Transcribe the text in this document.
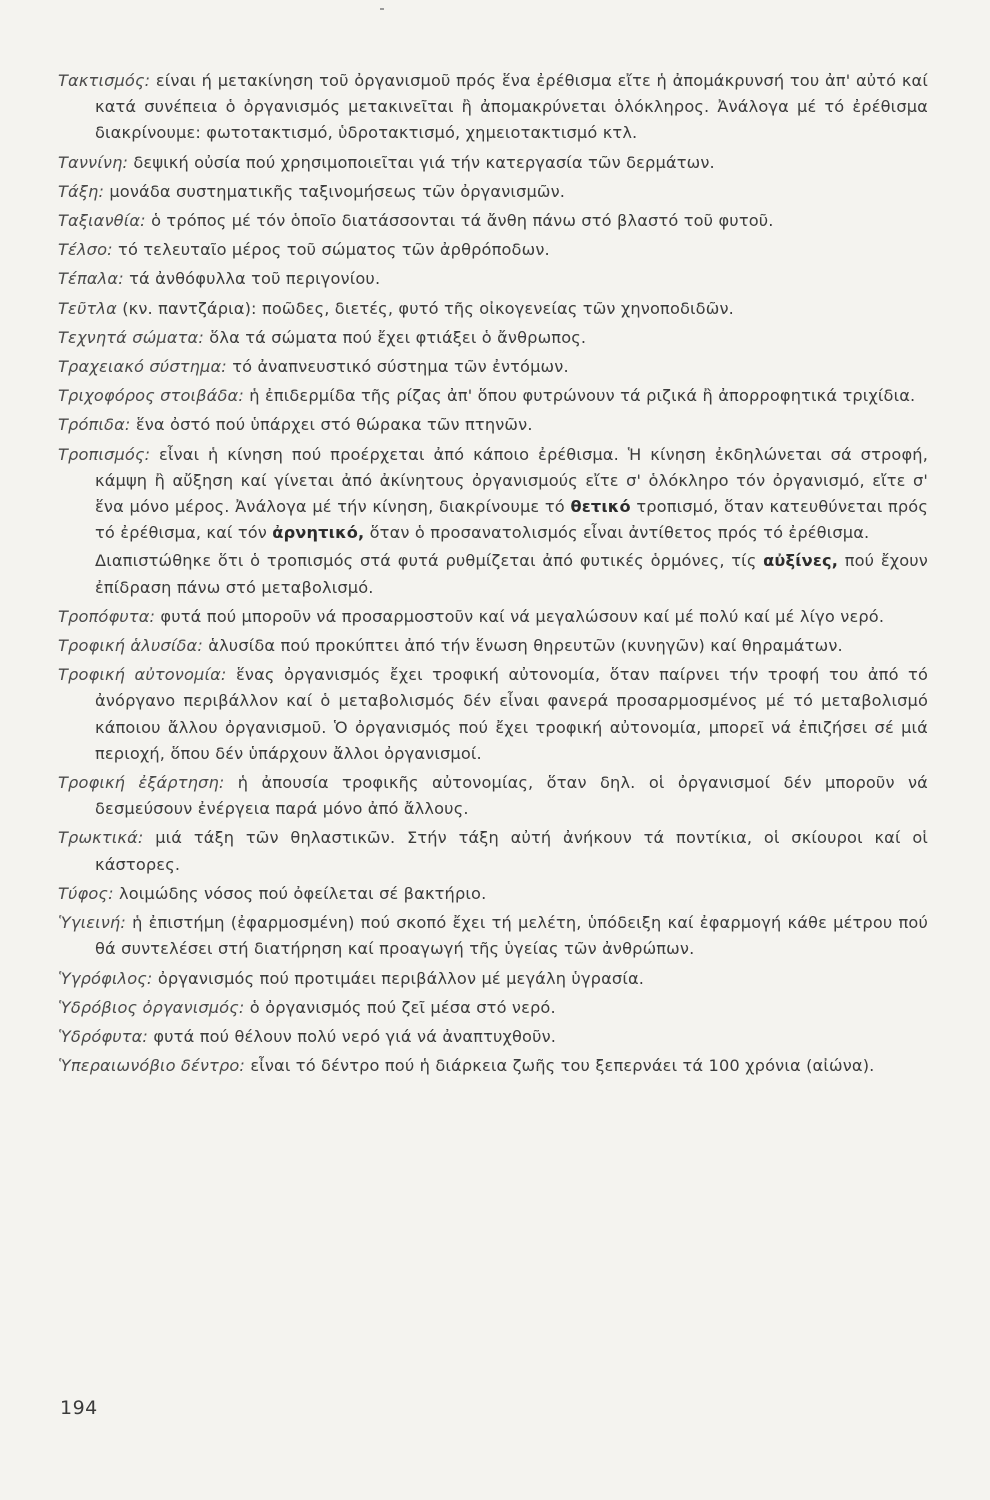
Τακτισμός: είναι ή μετακίνηση τοῦ ὀργανισμοῦ πρός ἕνα ἐρέθισμα εἴτε ἡ ἀπομάκρυνσή του ἀπ' αὐτό καί κατά συνέπεια ὁ ὀργανισμός μετακινεῖται ἢ ἀπομακρύνεται ὁλόκληρος. Ἀνάλογα μέ τό ἐρέθισμα διακρίνουμε: φωτοτακτισμό, ὑδροτακτισμό, χημειοτακτισμό κτλ.

Ταννίνη: δεψική οὐσία πού χρησιμοποιεῖται γιά τήν κατεργασία τῶν δερμάτων.

Τάξη: μονάδα συστηματικῆς ταξινομήσεως τῶν ὀργανισμῶν.

Ταξιανθία: ὁ τρόπος μέ τόν ὁποῖο διατάσσονται τά ἄνθη πάνω στό βλαστό τοῦ φυτοῦ.

Τέλσο: τό τελευταῖο μέρος τοῦ σώματος τῶν ἀρθρόποδων.

Τέπαλα: τά ἀνθόφυλλα τοῦ περιγονίου.

Τεῦτλα (κν. παντζάρια): ποῶδες, διετές, φυτό τῆς οἰκογενείας τῶν χηνοποδιδῶν.

Τεχνητά σώματα: ὅλα τά σώματα πού ἔχει φτιάξει ὁ ἄνθρωπος.

Τραχειακό σύστημα: τό ἀναπνευστικό σύστημα τῶν ἐντόμων.

Τριχοφόρος στοιβάδα: ἡ ἐπιδερμίδα τῆς ρίζας ἀπ' ὅπου φυτρώνουν τά ριζικά ἢ ἀπορροφητικά τριχίδια.

Τρόπιδα: ἕνα ὀστό πού ὑπάρχει στό θώρακα τῶν πτηνῶν.

Τροπισμός: εἶναι ἡ κίνηση πού προέρχεται ἀπό κάποιο ἐρέθισμα. Ἡ κίνηση ἐκδηλώνεται σά στροφή, κάμψη ἢ αὔξηση καί γίνεται ἀπό ἀκίνητους ὀργανισμούς εἴτε σ' ὁλόκληρο τόν ὀργανισμό, εἴτε σ' ἕνα μόνο μέρος. Ἀνάλογα μέ τήν κίνηση, διακρίνουμε τό θετικό τροπισμό, ὅταν κατευθύνεται πρός τό ἐρέθισμα, καί τόν ἀρνητικό, ὅταν ὁ προσανατολισμός εἶναι ἀντίθετος πρός τό ἐρέθισμα.
Διαπιστώθηκε ὅτι ὁ τροπισμός στά φυτά ρυθμίζεται ἀπό φυτικές ὁρμόνες, τίς αὐξίνες, πού ἔχουν ἐπίδραση πάνω στό μεταβολισμό.

Τροπόφυτα: φυτά πού μποροῦν νά προσαρμοστοῦν καί νά μεγαλώσουν καί μέ πολύ καί μέ λίγο νερό.

Τροφική ἁλυσίδα: ἁλυσίδα πού προκύπτει ἀπό τήν ἕνωση θηρευτῶν (κυνηγῶν) καί θηραμάτων.

Τροφική αὐτονομία: ἕνας ὀργανισμός ἔχει τροφική αὐτονομία, ὅταν παίρνει τήν τροφή του ἀπό τό ἀνόργανο περιβάλλον καί ὁ μεταβολισμός δέν εἶναι φανερά προσαρμοσμένος μέ τό μεταβολισμό κάποιου ἄλλου ὀργανισμοῦ. Ὁ ὀργανισμός πού ἔχει τροφική αὐτονομία, μπορεῖ νά ἐπιζήσει σέ μιά περιοχή, ὅπου δέν ὑπάρχουν ἄλλοι ὀργανισμοί.

Τροφική ἐξάρτηση: ἡ ἀπουσία τροφικῆς αὐτονομίας, ὅταν δηλ. οἱ ὀργανισμοί δέν μποροῦν νά δεσμεύσουν ἐνέργεια παρά μόνο ἀπό ἄλλους.

Τρωκτικά: μιά τάξη τῶν θηλαστικῶν. Στήν τάξη αὐτή ἀνήκουν τά ποντίκια, οἱ σκίουροι καί οἱ κάστορες.

Τύφος: λοιμώδης νόσος πού ὀφείλεται σέ βακτήριο.

Ὑγιεινή: ἡ ἐπιστήμη (ἐφαρμοσμένη) πού σκοπό ἔχει τή μελέτη, ὑπόδειξη καί ἐφαρμογή κάθε μέτρου πού θά συντελέσει στή διατήρηση καί προαγωγή τῆς ὑγείας τῶν ἀνθρώπων.

Ὑγρόφιλος: ὀργανισμός πού προτιμάει περιβάλλον μέ μεγάλη ὑγρασία.

Ὑδρόβιος ὀργανισμός: ὁ ὀργανισμός πού ζεῖ μέσα στό νερό.

Ὑδρόφυτα: φυτά πού θέλουν πολύ νερό γιά νά ἀναπτυχθοῦν.

Ὑπεραιωνόβιο δέντρο: εἶναι τό δέντρο πού ἡ διάρκεια ζωῆς του ξεπερνάει τά 100 χρόνια (αἰώνα).

194
